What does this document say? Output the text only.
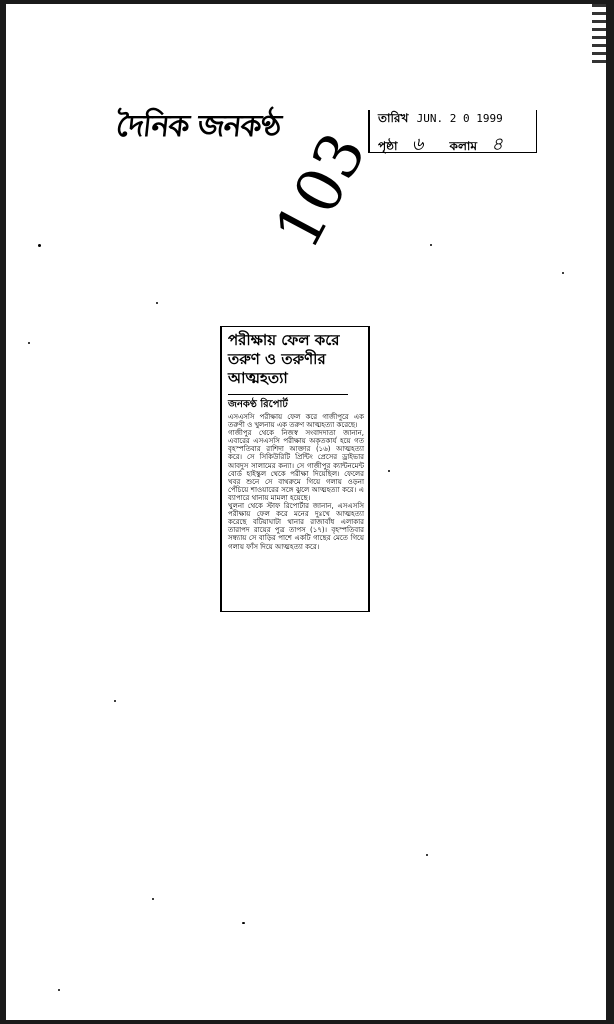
দৈনিক জনকণ্ঠ
103
তারিখ JUN. 2 0 1999
পৃষ্ঠা ৬ কলাম ৪
পরীক্ষায় ফেল করে তরুণ ও তরুণীর আত্মহত্যা
জনকণ্ঠ রিপোর্ট

এসএসসি পরীক্ষায় ফেল করে গাজীপুরে এক তরুণী ও খুলনায় এক তরুণ আত্মহত্যা করেছে।

গাজীপুর থেকে নিজস্ব সংবাদদাতা জানান, এবারের এসএসসি পরীক্ষায় অকৃতকার্য হয়ে গত বৃহস্পতিবার রাশিদা আক্তার (১৬) আত্মহত্যা করে। সে সিকিউরিটি প্রিন্টিং প্রেসের ড্রাইভার আবদুস সালামের কন্যা। সে গাজীপুর ক্যান্টনমেন্ট বোর্ড হাইস্কুল থেকে পরীক্ষা দিয়েছিল। ফেলের খবর শুনে সে বাথরুমে গিয়ে গলায় ওড়না পেঁচিয়ে শাওয়ারের সঙ্গে ঝুলে আত্মহত্যা করে। এ ব্যাপারে থানায় মামলা হয়েছে।

খুলনা থেকে স্টাফ রিপোর্টার জানান, এসএসসি পরীক্ষায় ফেল করে মনের দুঃখে আত্মহত্যা করেছে বটিয়াঘাটা থানার রাজাবাঁধ এলাকার তারাপদ রায়ের পুত্র তাপস (১৭)। বৃহস্পতিবার সন্ধ্যায় সে বাড়ির পাশে একটি গাছের মেতে গিয়ে গলায় ফাঁস দিয়ে আত্মহত্যা করে।
